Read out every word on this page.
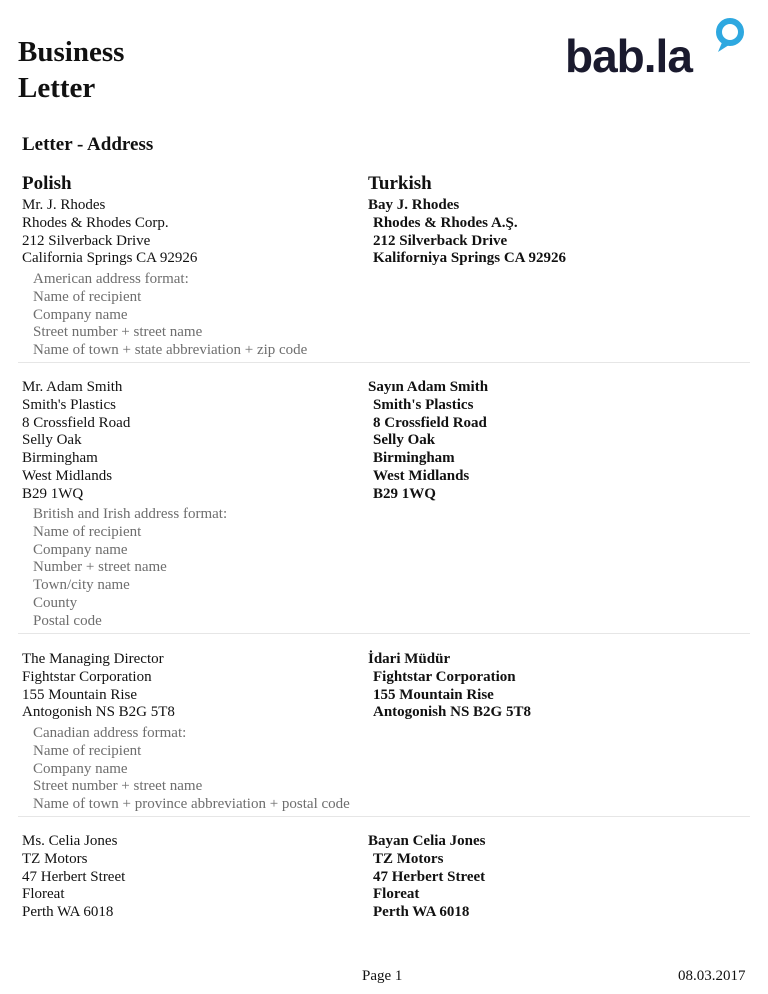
Business
Letter
bab.la
Letter - Address
Polish	Turkish
Mr. J. Rhodes
Rhodes & Rhodes Corp.
212 Silverback Drive
California Springs CA 92926
Bay J. Rhodes
Rhodes & Rhodes A.Ş.
212 Silverback Drive
Kaliforniya Springs CA 92926
American address format:
Name of recipient
Company name
Street number + street name
Name of town + state abbreviation + zip code
Mr. Adam Smith
Smith's Plastics
8 Crossfield Road
Selly Oak
Birmingham
West Midlands
B29 1WQ
Sayın Adam Smith
Smith's Plastics
8 Crossfield Road
Selly Oak
Birmingham
West Midlands
B29 1WQ
British and Irish address format:
Name of recipient
Company name
Number + street name
Town/city name
County
Postal code
The Managing Director
Fightstar Corporation
155 Mountain Rise
Antogonish NS B2G 5T8
İdari Müdür
Fightstar Corporation
155 Mountain Rise
Antogonish NS B2G 5T8
Canadian address format:
Name of recipient
Company name
Street number + street name
Name of town + province abbreviation + postal code
Ms. Celia Jones
TZ Motors
47 Herbert Street
Floreat
Perth WA 6018
Bayan Celia Jones
TZ Motors
47 Herbert Street
Floreat
Perth WA 6018
Page 1	08.03.2017
